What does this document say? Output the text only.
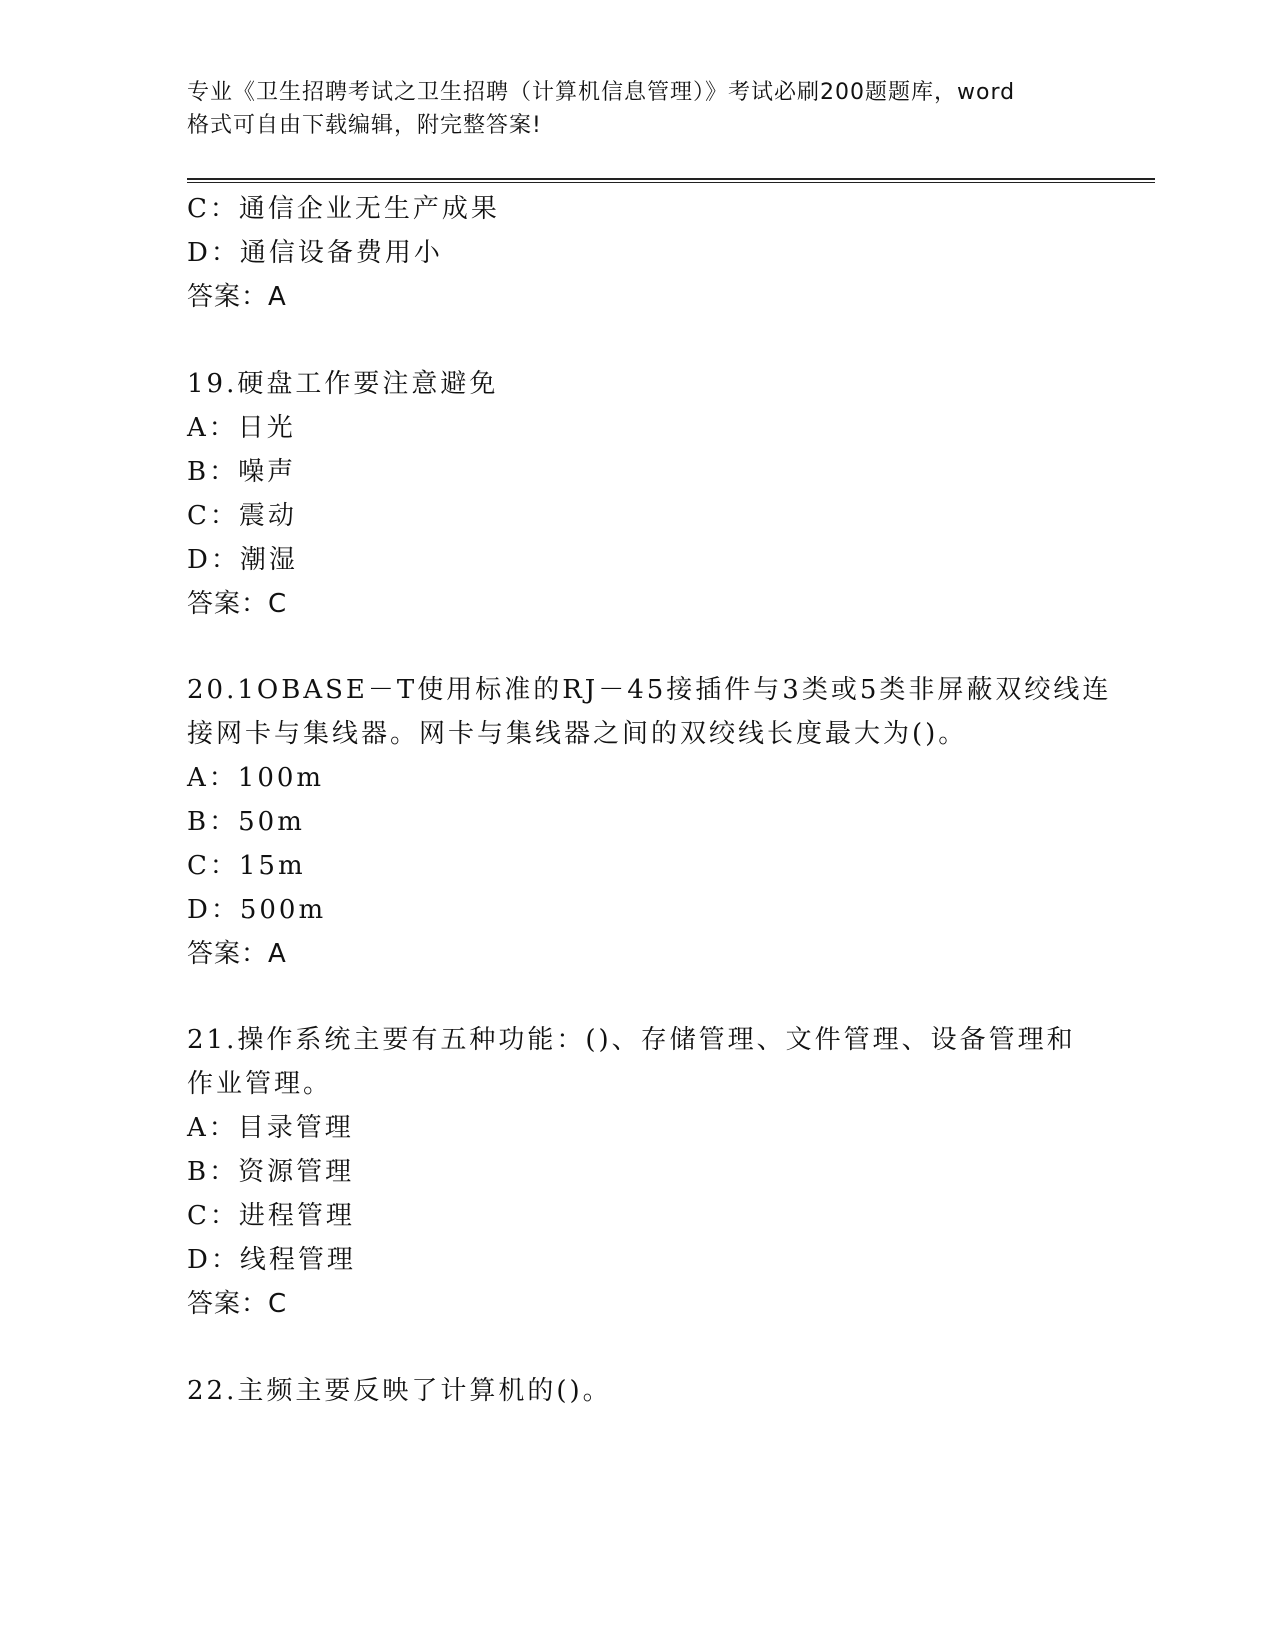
专业《卫生招聘考试之卫生招聘（计算机信息管理）》考试必刷200题题库，word
格式可自由下载编辑，附完整答案!
C：通信企业无生产成果
D：通信设备费用小
答案：A
19.硬盘工作要注意避免
A：日光
B：噪声
C：震动
D：潮湿
答案：C
20.1OBASE－T使用标准的RJ－45接插件与3类或5类非屏蔽双绞线连
接网卡与集线器。网卡与集线器之间的双绞线长度最大为()。
A：100m
B：50m
C：15m
D：500m
答案：A
21.操作系统主要有五种功能：()、存储管理、文件管理、设备管理和
作业管理。
A：目录管理
B：资源管理
C：进程管理
D：线程管理
答案：C
22.主频主要反映了计算机的()。
